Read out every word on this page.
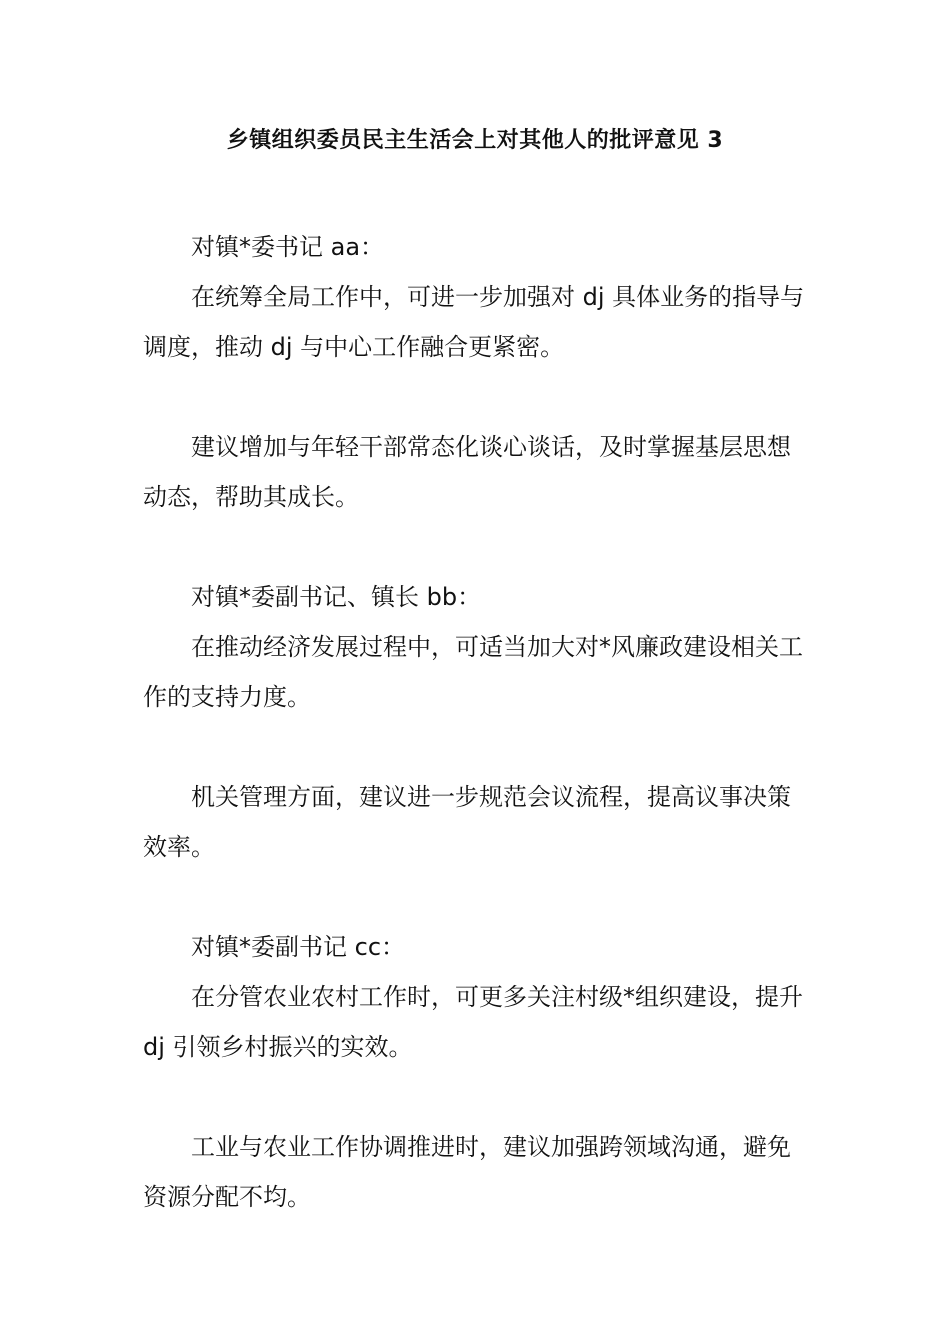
乡镇组织委员民主生活会上对其他人的批评意见 3
对镇*委书记 aa：
在统筹全局工作中，可进一步加强对 dj 具体业务的指导与
调度，推动 dj 与中心工作融合更紧密。
建议增加与年轻干部常态化谈心谈话，及时掌握基层思想
动态，帮助其成长。
对镇*委副书记、镇长 bb：
在推动经济发展过程中，可适当加大对*风廉政建设相关工
作的支持力度。
机关管理方面，建议进一步规范会议流程，提高议事决策
效率。
对镇*委副书记 cc：
在分管农业农村工作时，可更多关注村级*组织建设，提升
dj 引领乡村振兴的实效。
工业与农业工作协调推进时，建议加强跨领域沟通，避免
资源分配不均。
